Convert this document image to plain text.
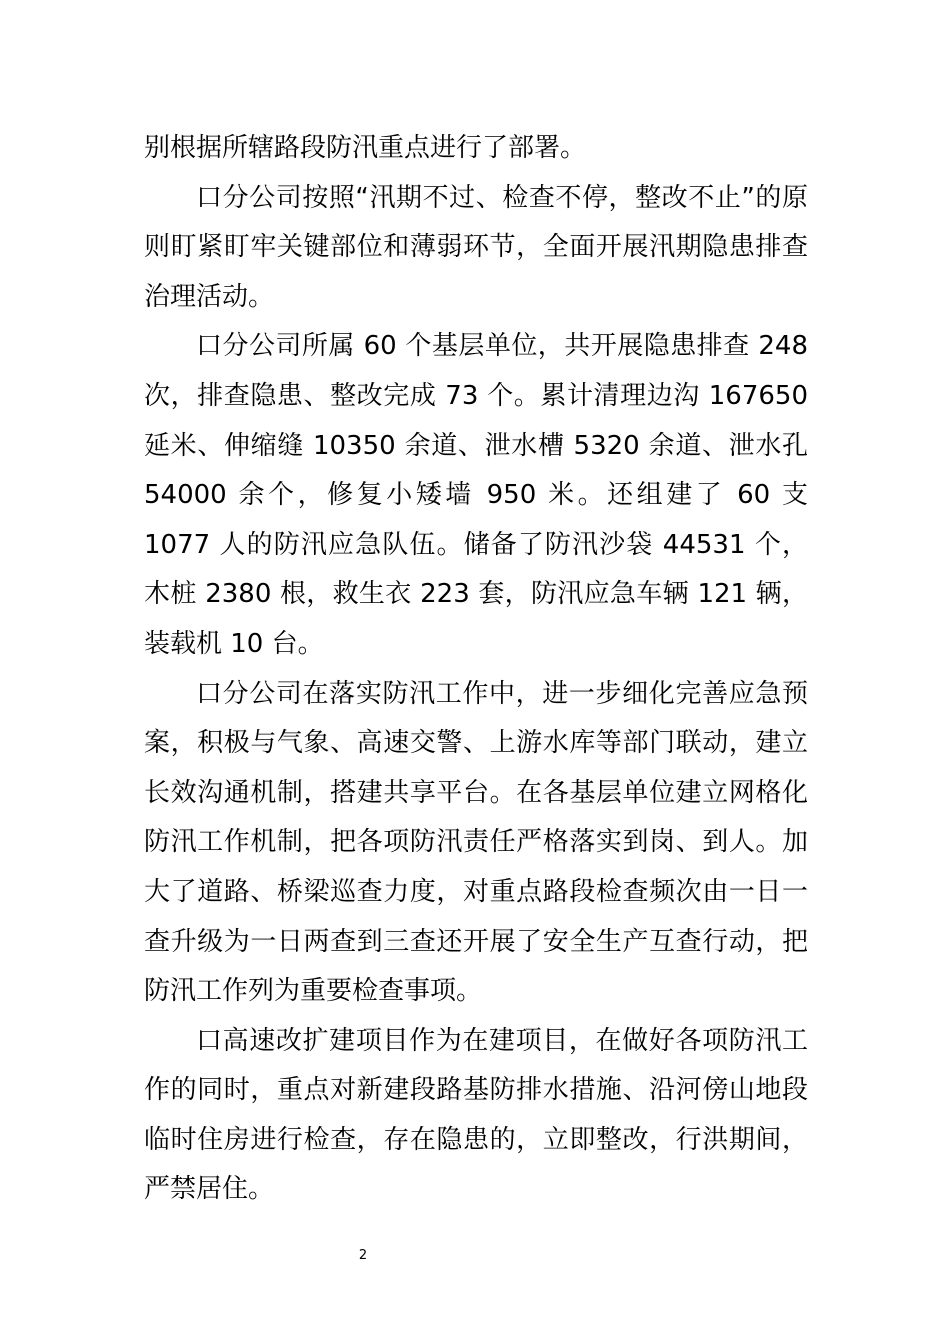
别根据所辖路段防汛重点进行了部署。

口分公司按照“汛期不过、检查不停，整改不止”的原则盯紧盯牢关键部位和薄弱环节，全面开展汛期隐患排查治理活动。

口分公司所属 60 个基层单位，共开展隐患排查 248 次，排查隐患、整改完成 73 个。累计清理边沟 167650 延米、伸缩缝 10350 余道、泄水槽 5320 余道、泄水孔 54000 余个，修复小矮墙 950 米。还组建了 60 支 1077 人的防汛应急队伍。储备了防汛沙袋 44531 个，木桩 2380 根，救生衣 223 套，防汛应急车辆 121 辆，装载机 10 台。

口分公司在落实防汛工作中，进一步细化完善应急预案，积极与气象、高速交警、上游水库等部门联动，建立长效沟通机制，搭建共享平台。在各基层单位建立网格化防汛工作机制，把各项防汛责任严格落实到岗、到人。加大了道路、桥梁巡查力度，对重点路段检查频次由一日一查升级为一日两查到三查还开展了安全生产互查行动，把防汛工作列为重要检查事项。

口高速改扩建项目作为在建项目，在做好各项防汛工作的同时，重点对新建段路基防排水措施、沿河傍山地段临时住房进行检查，存在隐患的，立即整改，行洪期间，严禁居住。

2
